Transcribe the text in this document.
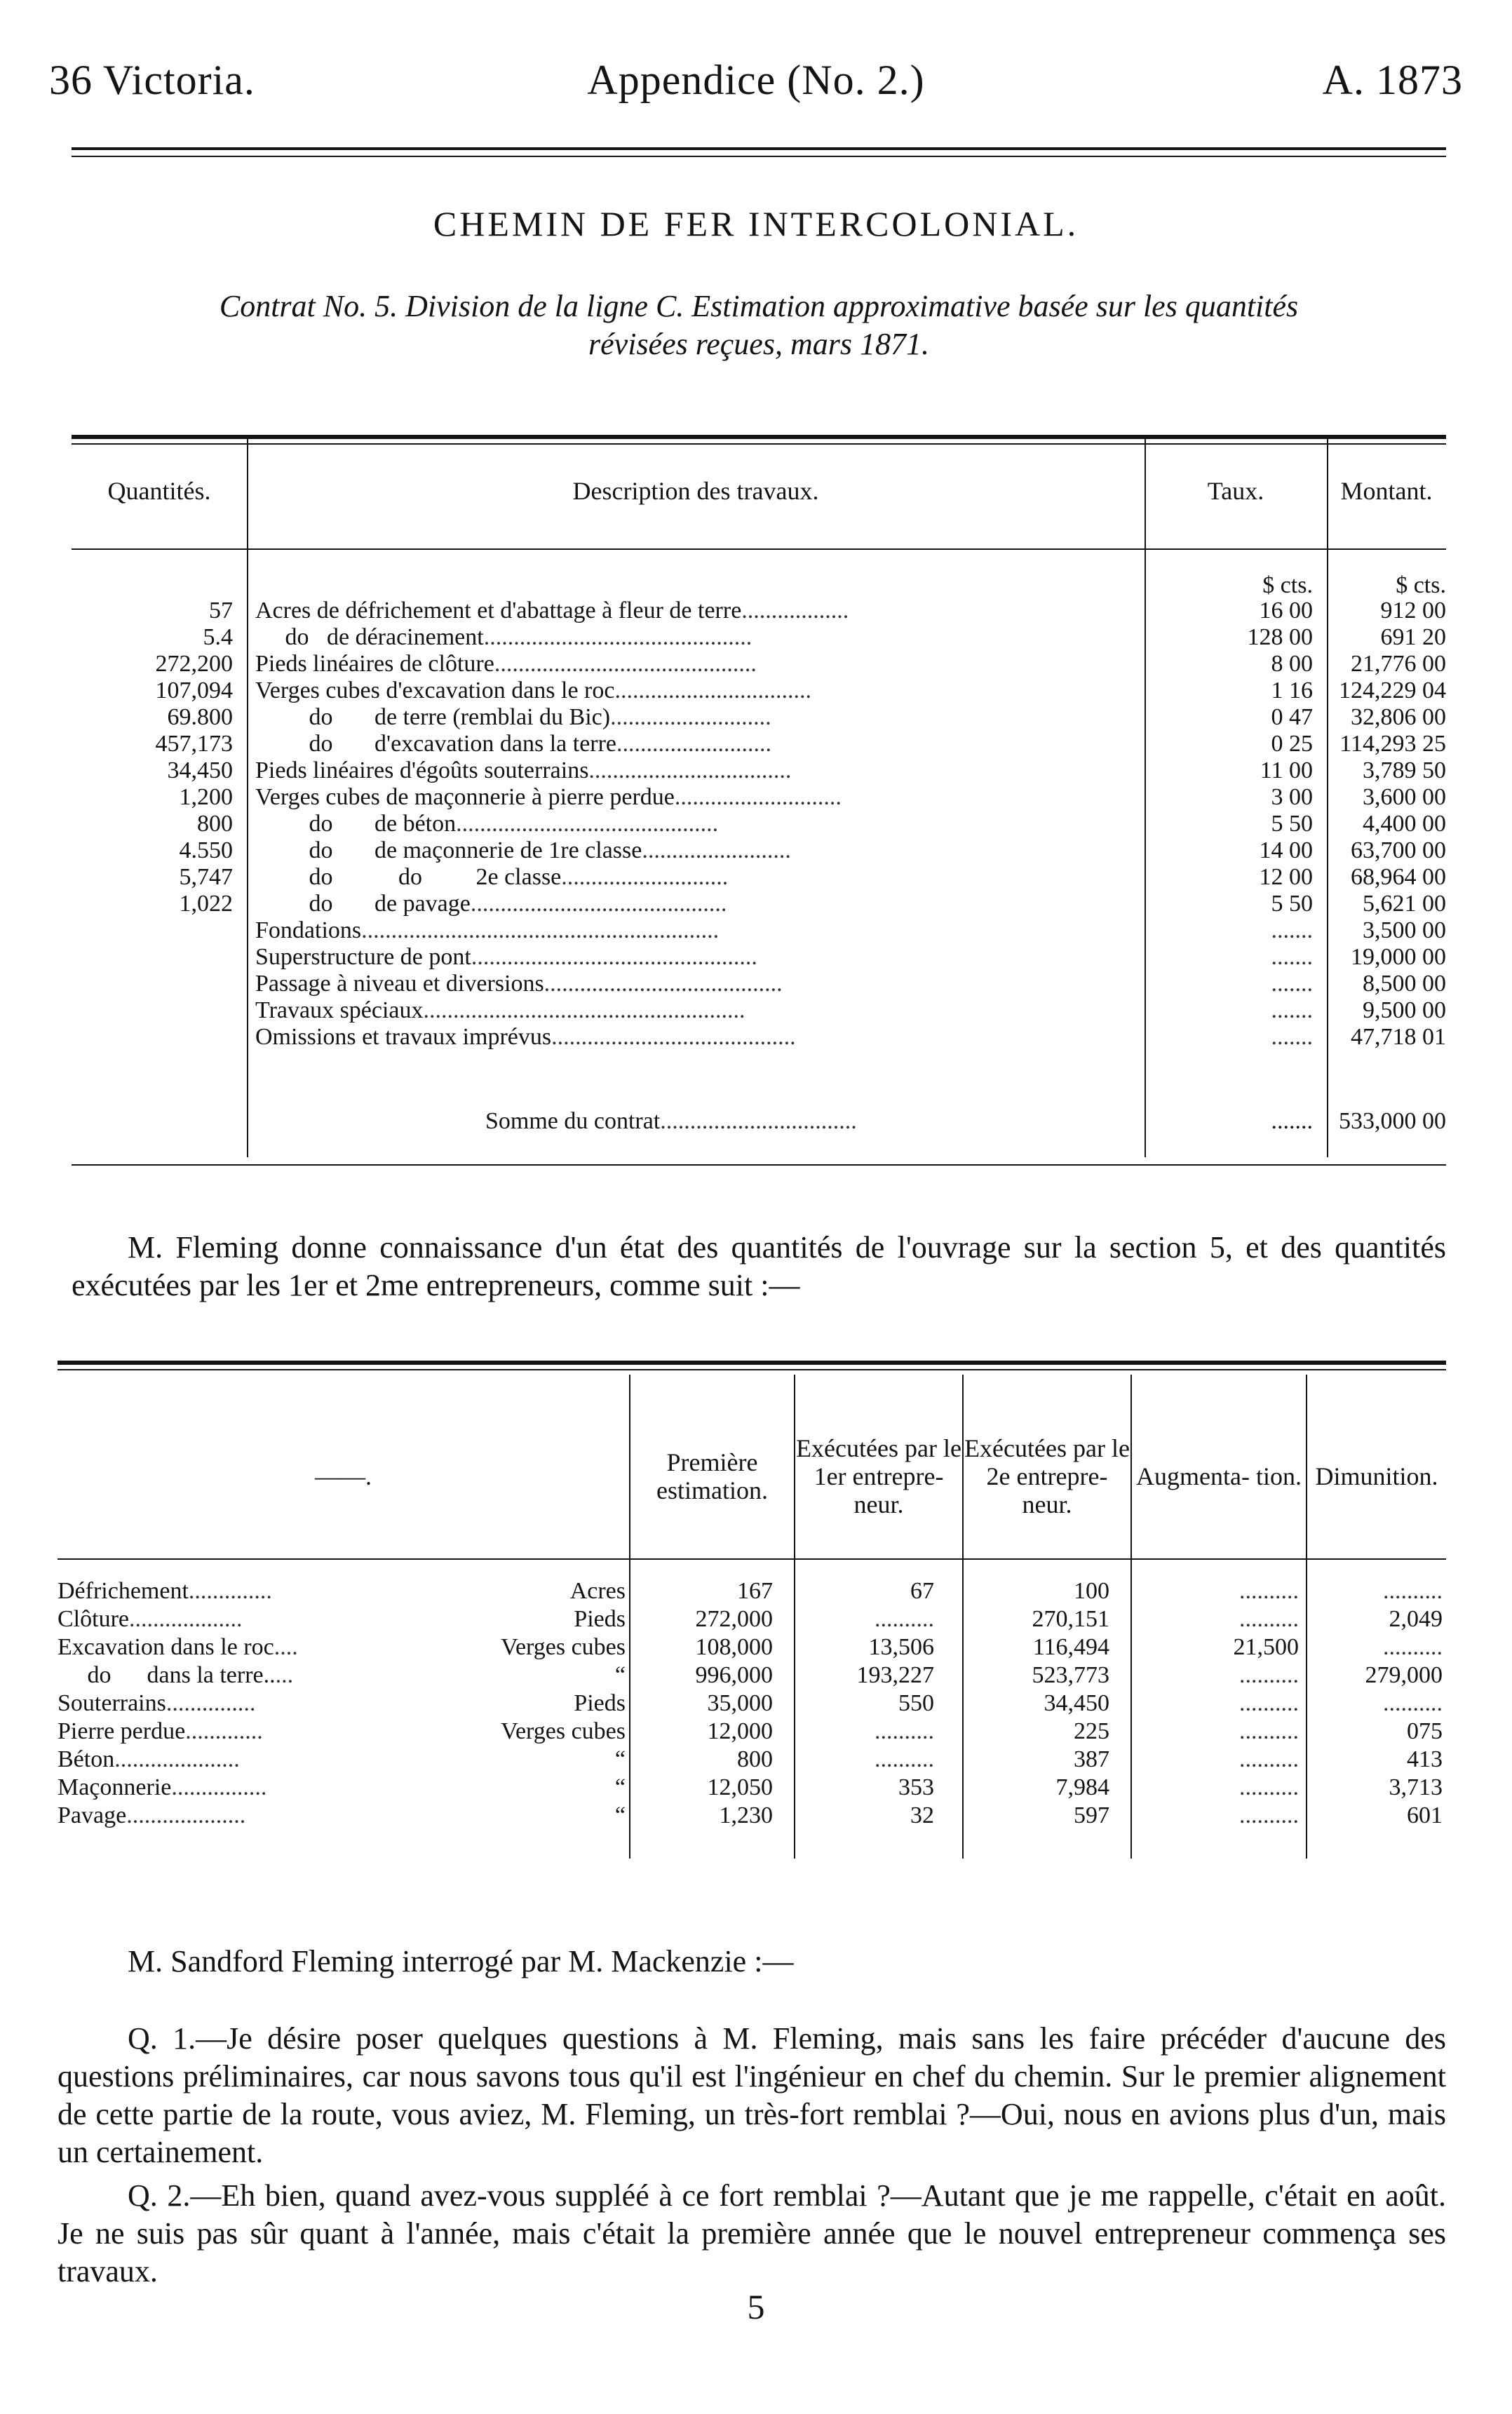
36 Victoria.	Appendice (No. 2.)	A. 1873
CHEMIN DE FER INTERCOLONIAL.
Contrat No. 5. Division de la ligne C. Estimation approximative basée sur les quantités
révisées reçues, mars 1871.
Quantités.	Description des travaux.	Taux.	Montant.
$ cts.	$ cts.
57 Acres de défrichement et d'abattage à fleur de terre..................	16 00	912 00
5.4 do   de déracinement.............................................	128 00	691 20
272,200 Pieds linéaires de clôture............................................	8 00	21,776 00
107,094 Verges cubes d'excavation dans le roc.................................	1 16 124,229 04
69.800 do       de terre (remblai du Bic)...........................	0 47	32,806 00
457,173 do       d'excavation dans la terre..........................	0 25 114,293 25
34,450 Pieds linéaires d'égoûts souterrains..................................	11 00	3,789 50
1,200 Verges cubes de maçonnerie à pierre perdue............................	3 00	3,600 00
800 do       de béton............................................	5 50	4,400 00
4.550 do       de maçonnerie de 1re classe.........................	14 00	63,700 00
5,747 do           do         2e classe............................	12 00	68,964 00
1,022 do       de pavage...........................................	5 50	5,621 00
Fondations............................................................	.......	3,500 00
Superstructure de pont................................................	.......	19,000 00
Passage à niveau et diversions........................................	.......	8,500 00
Travaux spéciaux......................................................	.......	9,500 00
Omissions et travaux imprévus.........................................	.......	47,718 01
Somme du contrat.................................	....... 533,000 00
M. Fleming donne connaissance d'un état des quantités de l'ouvrage sur la section 5, et des quantités exécutées par les 1er et 2me entrepreneurs, comme suit :—
——.	Première estimation.
Exécutées par le 1er entrepre- neur.
Exécutées par le 2e entrepre- neur.
Augmenta- tion. Dimunition.
Défrichement..............	Acres	167	67	100	..........	..........
Clôture...................	Pieds	272,000	..........	270,151	..........	2,049
Excavation dans le roc....	Verges cubes	108,000	13,506	116,494	21,500	..........
do      dans la terre.....	“	996,000	193,227	523,773	..........	279,000
Souterrains...............	Pieds	35,000	550	34,450	..........	..........
Pierre perdue.............	Verges cubes	12,000	..........	225	..........	075
Béton.....................	“	800	..........	387	..........	413
Maçonnerie................	“	12,050	353	7,984	..........	3,713
Pavage....................	“	1,230	32	597	..........	601
M. Sandford Fleming interrogé par M. Mackenzie :—
Q. 1.—Je désire poser quelques questions à M. Fleming, mais sans les faire précéder d'aucune des questions préliminaires, car nous savons tous qu'il est l'ingénieur en chef du chemin. Sur le premier alignement de cette partie de la route, vous aviez, M. Fleming, un très-fort remblai ?—Oui, nous en avions plus d'un, mais un certainement.
Q. 2.—Eh bien, quand avez-vous suppléé à ce fort remblai ?—Autant que je me rappelle, c'était en août. Je ne suis pas sûr quant à l'année, mais c'était la première année que le nouvel entrepreneur commença ses travaux.
5
